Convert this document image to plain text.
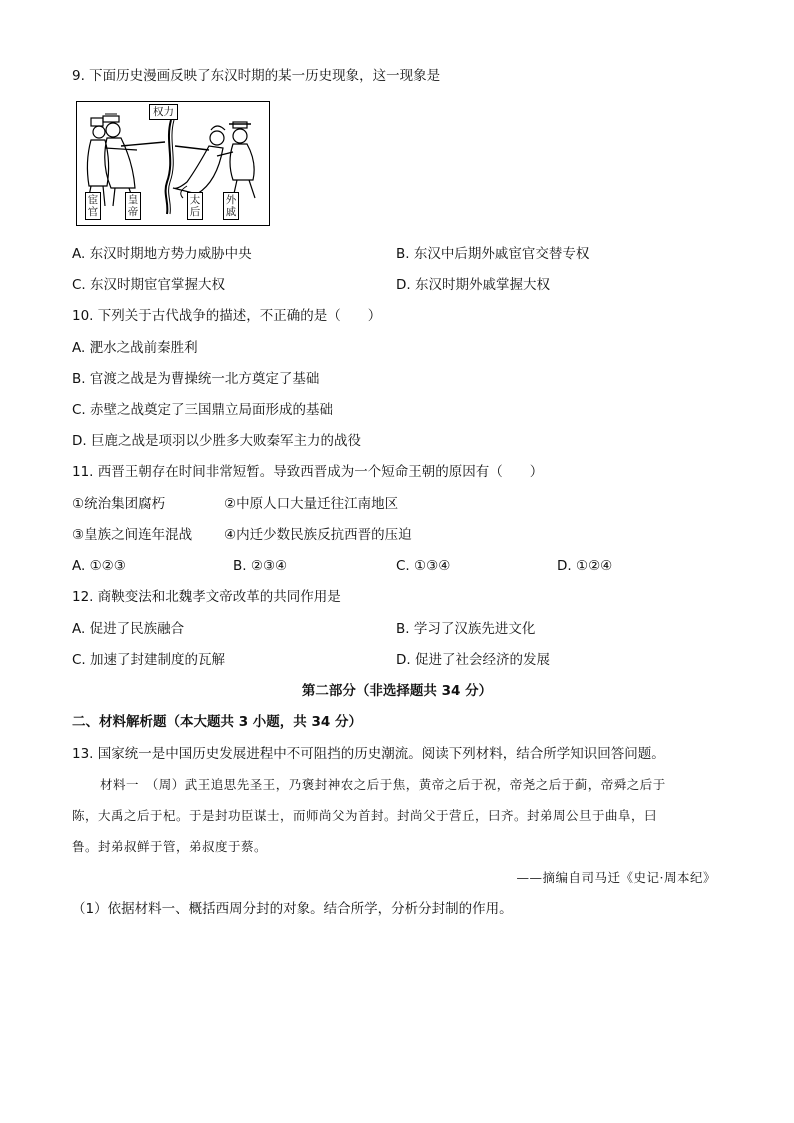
9. 下面历史漫画反映了东汉时期的某一历史现象，这一现象是
权力
宦官
皇帝
太后
外戚
A. 东汉时期地方势力威胁中央	B. 东汉中后期外戚宦官交替专权
C. 东汉时期宦官掌握大权	D. 东汉时期外戚掌握大权
10. 下列关于古代战争的描述，不正确的是（　　）
A. 淝水之战前秦胜利
B. 官渡之战是为曹操统一北方奠定了基础
C. 赤壁之战奠定了三国鼎立局面形成的基础
D. 巨鹿之战是项羽以少胜多大败秦军主力的战役
11. 西晋王朝存在时间非常短暂。导致西晋成为一个短命王朝的原因有（　　）
①统治集团腐朽	②中原人口大量迁往江南地区
③皇族之间连年混战 ④内迁少数民族反抗西晋的压迫
A. ①②③	B. ②③④	C. ①③④	D. ①②④
12. 商鞅变法和北魏孝文帝改革的共同作用是
A. 促进了民族融合	B. 学习了汉族先进文化
C. 加速了封建制度的瓦解	D. 促进了社会经济的发展
第二部分（非选择题共 34 分）
二、材料解析题（本大题共 3 小题，共 34 分）
13. 国家统一是中国历史发展进程中不可阻挡的历史潮流。阅读下列材料，结合所学知识回答问题。
材料一　（周）武王追思先圣王，乃褒封神农之后于焦，黄帝之后于祝，帝尧之后于蓟，帝舜之后于
陈，大禹之后于杞。于是封功臣谋士，而师尚父为首封。封尚父于营丘，曰齐。封弟周公旦于曲阜，曰
鲁。封弟叔鲜于管，弟叔度于蔡。
——摘编自司马迁《史记·周本纪》
（1）依据材料一、概括西周分封的对象。结合所学，分析分封制的作用。
